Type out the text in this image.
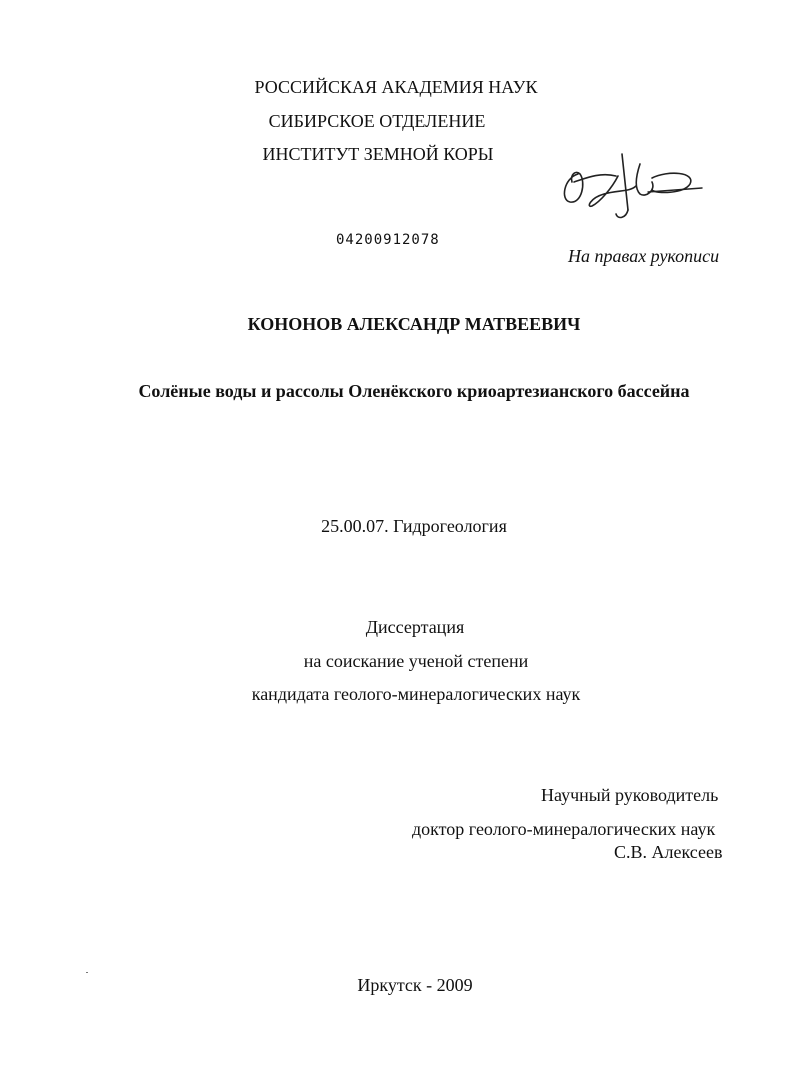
РОССИЙСКАЯ АКАДЕМИЯ НАУК
СИБИРСКОЕ ОТДЕЛЕНИЕ
ИНСТИТУТ ЗЕМНОЙ КОРЫ
04200912078
На правах рукописи
КОНОНОВ АЛЕКСАНДР МАТВЕЕВИЧ
Солёные воды и рассолы Оленёкского криоартезианского бассейна
25.00.07. Гидрогеология
Диссертация
на соискание ученой степени
кандидата геолого-минералогических наук
Научный руководитель
доктор геолого-минералогических наук
С.В. Алексеев
Иркутск - 2009
